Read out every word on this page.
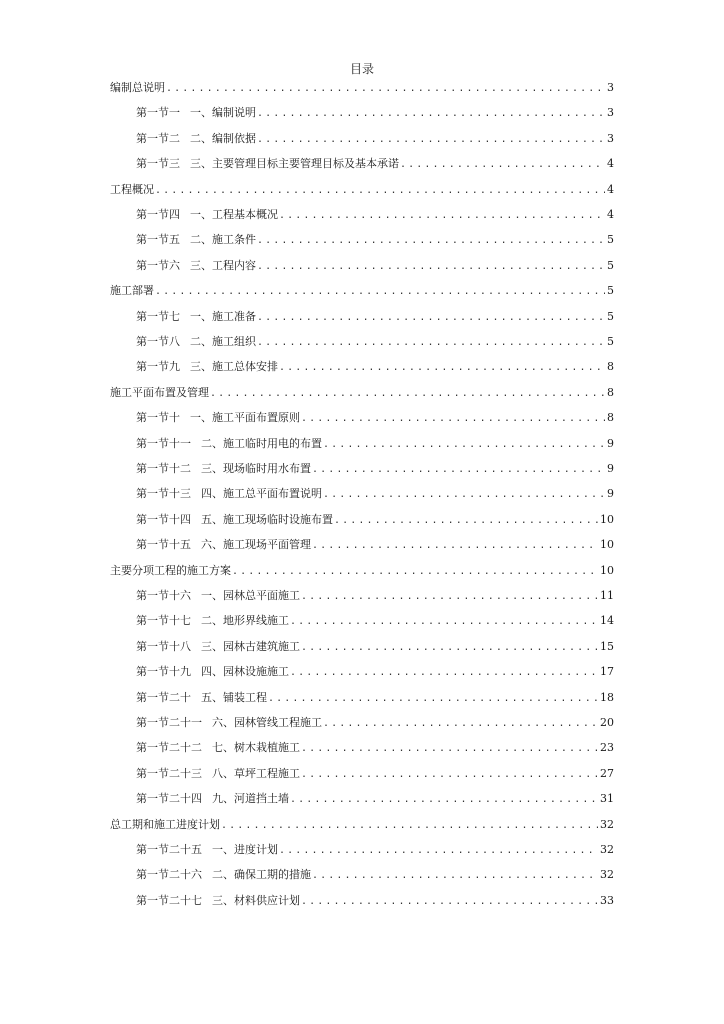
目录
编制总说明 .....	3
第一节一 一、编制说明 .....	3
第一节二 二、编制依据 .....	3
第一节三 三、主要管理目标主要管理目标及基本承诺 .....	4
工程概况 .....	4
第一节四 一、工程基本概况 .....	4
第一节五 二、施工条件 .....	5
第一节六 三、工程内容 .....	5
施工部署 .....	5
第一节七 一、施工准备 .....	5
第一节八 二、施工组织 .....	5
第一节九 三、施工总体安排 .....	8
施工平面布置及管理 .....	8
第一节十 一、施工平面布置原则 .....	8
第一节十一 二、施工临时用电的布置 .....	9
第一节十二 三、现场临时用水布置 .....	9
第一节十三 四、施工总平面布置说明 .....	9
第一节十四 五、施工现场临时设施布置 .....	10
第一节十五 六、施工现场平面管理 .....	10
主要分项工程的施工方案 .....	10
第一节十六 一、园林总平面施工 .....	11
第一节十七 二、地形界线施工 .....	14
第一节十八 三、园林古建筑施工 .....	15
第一节十九 四、园林设施施工 .....	17
第一节二十 五、铺装工程 .....	18
第一节二十一 六、园林管线工程施工 .....	20
第一节二十二 七、树木栽植施工 .....	23
第一节二十三 八、草坪工程施工 .....	27
第一节二十四 九、河道挡土墙 .....	31
总工期和施工进度计划 .....	32
第一节二十五 一、进度计划 .....	32
第一节二十六 二、确保工期的措施 .....	32
第一节二十七 三、材料供应计划 .....	33
